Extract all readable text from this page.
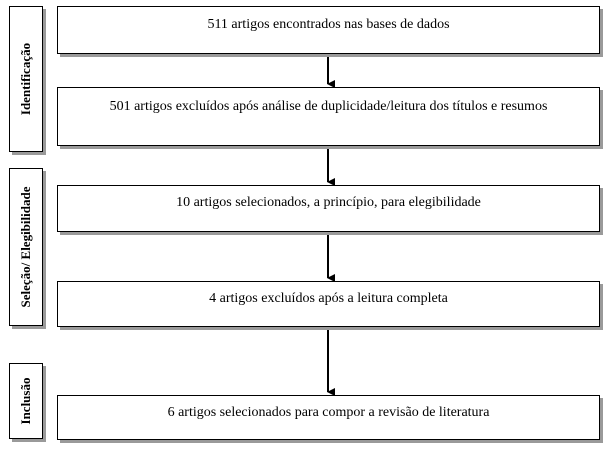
Identificação
Seleção/ Elegibilidade
Inclusão
511 artigos encontrados nas bases de dados
501 artigos excluídos após análise de duplicidade/leitura dos títulos e resumos
10 artigos selecionados, a princípio, para elegibilidade
4 artigos excluídos após a leitura completa
6 artigos selecionados para compor a revisão de literatura
